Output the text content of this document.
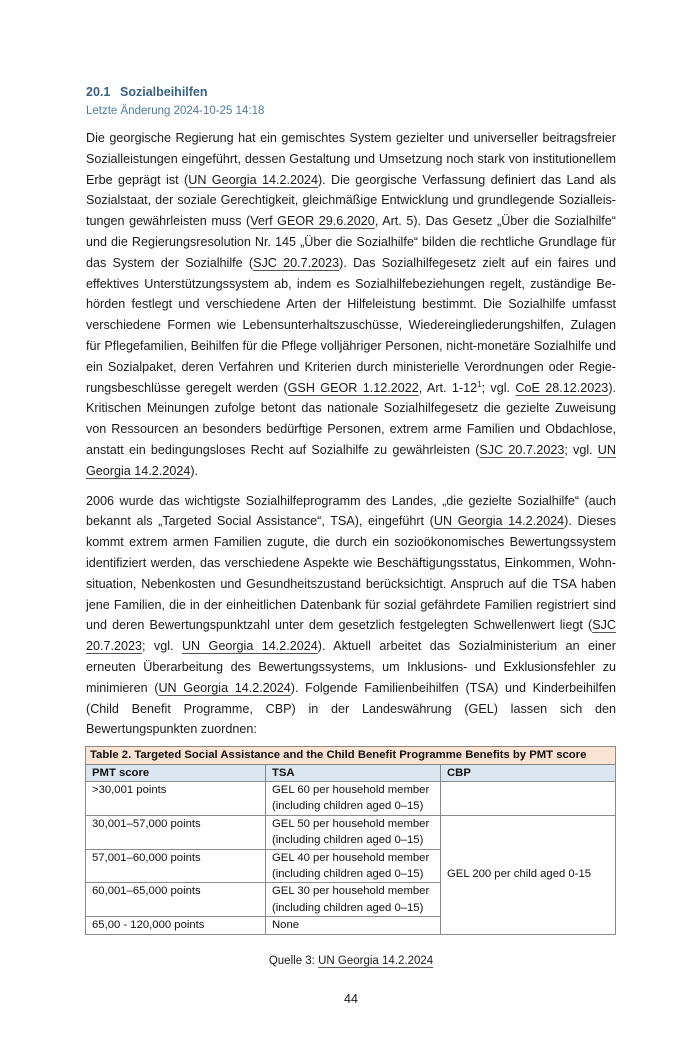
20.1 Sozialbeihilfen
Letzte Änderung 2024-10-25 14:18

Die georgische Regierung hat ein gemischtes System gezielter und universeller beitragsfreier Sozialleistungen eingeführt, dessen Gestaltung und Umsetzung noch stark von institutionellem Erbe geprägt ist (UN Georgia 14.2.2024). Die georgische Verfassung definiert das Land als Sozialstaat, der soziale Gerechtigkeit, gleichmäßige Entwicklung und grundlegende Sozialleistungen gewährleisten muss (Verf GEOR 29.6.2020, Art. 5). Das Gesetz „Über die Sozialhilfe“ und die Regierungsresolution Nr. 145 „Über die Sozialhilfe“ bilden die rechtliche Grundlage für das System der Sozialhilfe (SJC 20.7.2023). Das Sozialhilfegesetz zielt auf ein faires und effektives Unterstützungssystem ab, indem es Sozialhilfebeziehungen regelt, zuständige Behörden festlegt und verschiedene Arten der Hilfeleistung bestimmt. Die Sozialhilfe umfasst verschiedene Formen wie Lebensunterhaltszuschüsse, Wiedereingliederungshilfen, Zulagen für Pflegefamilien, Beihilfen für die Pflege volljähriger Personen, nicht-monetäre Sozialhilfe und ein Sozialpaket, deren Verfahren und Kriterien durch ministerielle Verordnungen oder Regierungsbeschlüsse geregelt werden (GSH GEOR 1.12.2022, Art. $1-12^1$; vgl. CoE 28.12.2023). Kritischen Meinungen zufolge betont das nationale Sozialhilfegesetz die gezielte Zuweisung von Ressourcen an besonders bedürftige Personen, extrem arme Familien und Obdachlose, anstatt ein bedingungsloses Recht auf Sozialhilfe zu gewährleisten (SJC 20.7.2023; vgl. UN Georgia 14.2.2024).

2006 wurde das wichtigste Sozialhilfeprogramm des Landes, „die gezielte Sozialhilfe“ (auch bekannt als „Targeted Social Assistance“, TSA), eingeführt (UN Georgia 14.2.2024). Dieses kommt extrem armen Familien zugute, die durch ein sozioökonomisches Bewertungssystem identifiziert werden, das verschiedene Aspekte wie Beschäftigungsstatus, Einkommen, Wohnsituation, Nebenkosten und Gesundheitszustand berücksichtigt. Anspruch auf die TSA haben jene Familien, die in der einheitlichen Datenbank für sozial gefährdete Familien registriert sind und deren Bewertungspunktzahl unter dem gesetzlich festgelegten Schwellenwert liegt (SJC 20.7.2023; vgl. UN Georgia 14.2.2024). Aktuell arbeitet das Sozialministerium an einer erneuten Überarbeitung des Bewertungssystems, um Inklusions- und Exklusionsfehler zu minimieren (UN Georgia 14.2.2024). Folgende Familienbeihilfen (TSA) und Kinderbeihilfen (Child Benefit Programme, CBP) in der Landeswährung (GEL) lassen sich den Bewertungspunkten zuordnen:

Table 2. Targeted Social Assistance and the Child Benefit Programme Benefits by PMT score		
PMT score	TSA	CBP
>30,001 points	GEL 60 per household member (including children aged 0–15)	
30,001–57,000 points	GEL 50 per household member (including children aged 0–15)	GEL 200 per child aged 0-15

57,001–60,000 points	GEL 40 per household member (including children aged 0–15)	
60,001–65,000 points	GEL 30 per household member (including children aged 0–15)	
65,00 - 120,000 points	None	
Quelle 3: UN Georgia 14.2.2024
44
